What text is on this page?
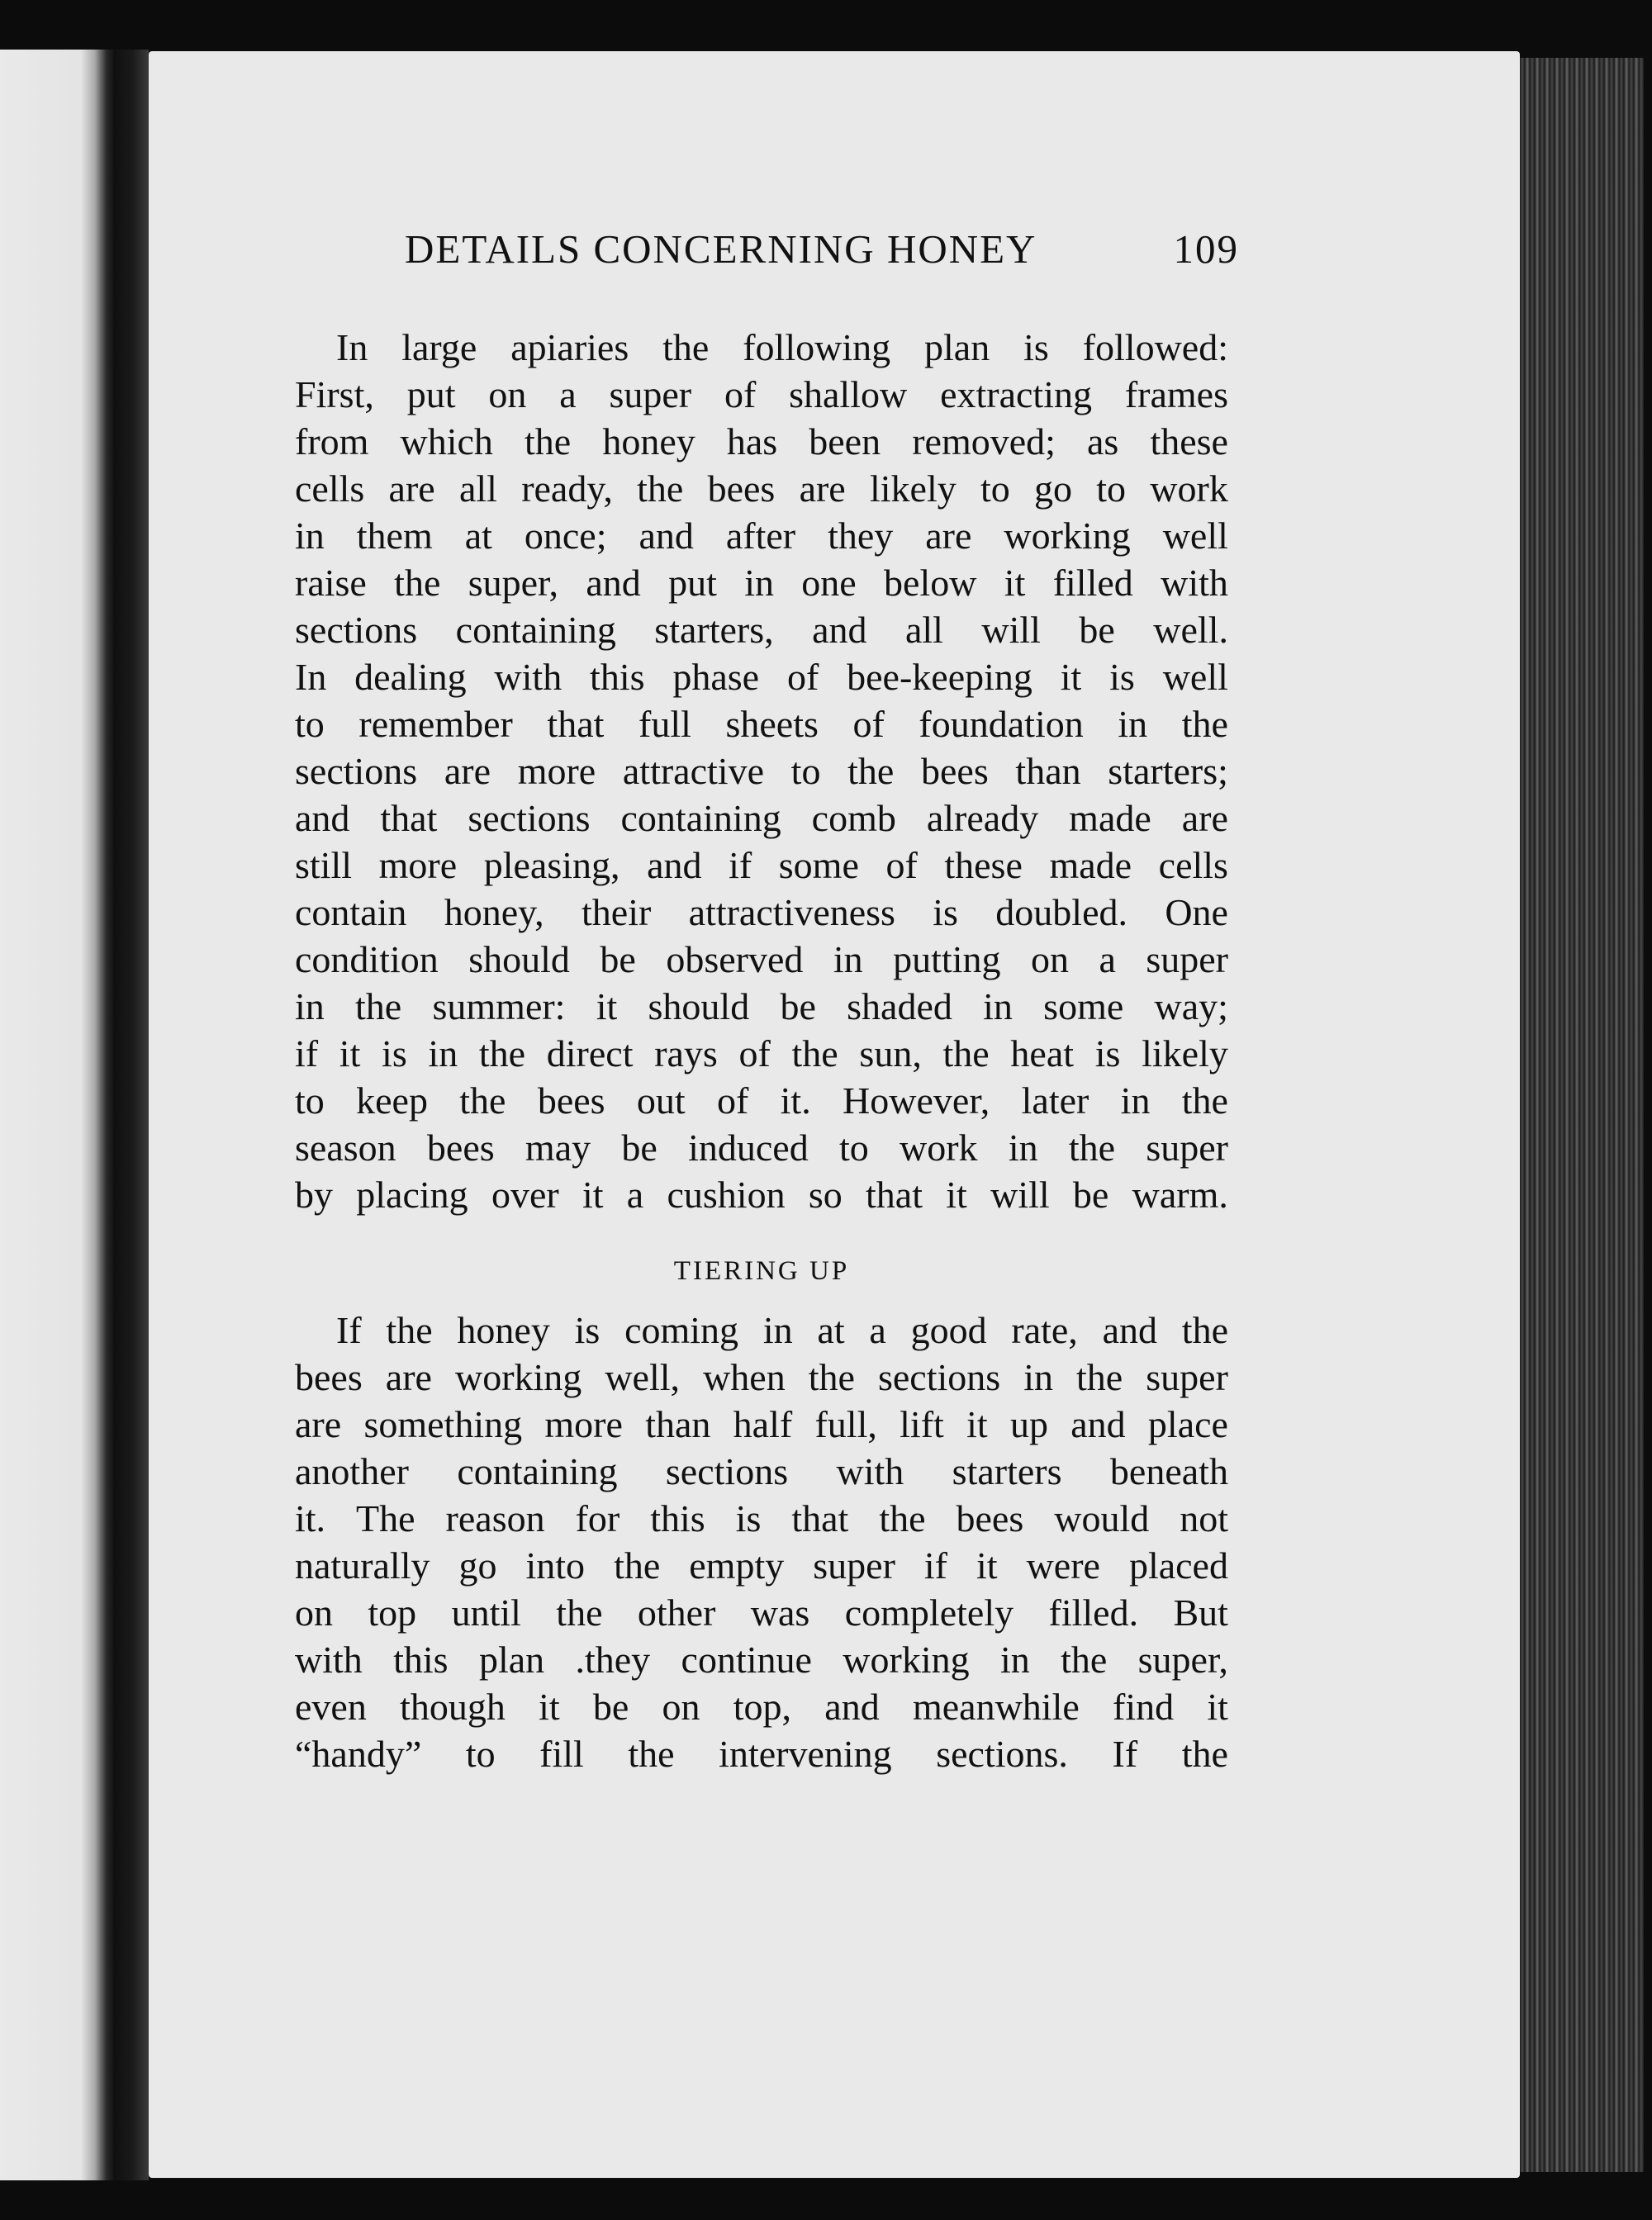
DETAILS CONCERNING HONEY	109
In large apiaries the following plan is followed:
First, put on a super of shallow extracting frames
from which the honey has been removed; as these
cells are all ready, the bees are likely to go to work
in them at once; and after they are working well
raise the super, and put in one below it filled with
sections containing starters, and all will be well.
In dealing with this phase of bee-keeping it is well
to remember that full sheets of foundation in the
sections are more attractive to the bees than starters;
and that sections containing comb already made are
still more pleasing, and if some of these made cells
contain honey, their attractiveness is doubled. One
condition should be observed in putting on a super
in the summer: it should be shaded in some way;
if it is in the direct rays of the sun, the heat is likely
to keep the bees out of it. However, later in the
season bees may be induced to work in the super
by placing over it a cushion so that it will be warm.
TIERING UP
If the honey is coming in at a good rate, and the
bees are working well, when the sections in the super
are something more than half full, lift it up and place
another containing sections with starters beneath
it. The reason for this is that the bees would not
naturally go into the empty super if it were placed
on top until the other was completely filled. But
with this plan .they continue working in the super,
even though it be on top, and meanwhile find it
“handy” to fill the intervening sections. If the
